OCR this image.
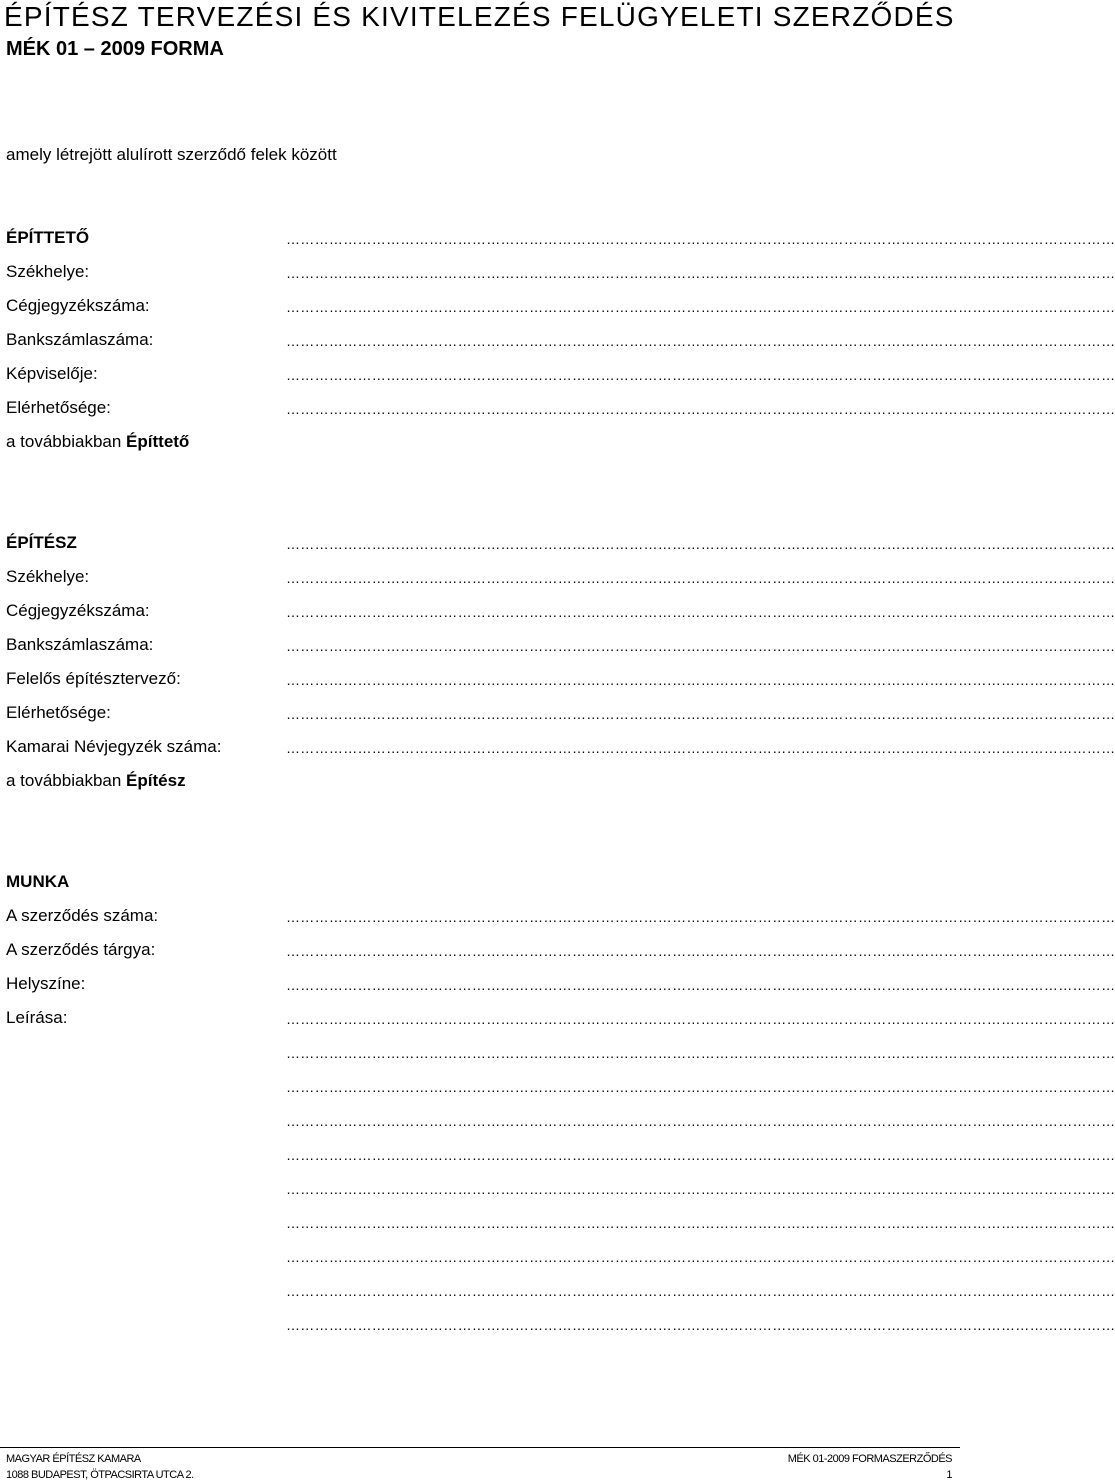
ÉPÍTÉSZ TERVEZÉSI ÉS KIVITELEZÉS FELÜGYELETI SZERZŐDÉS
MÉK 01 – 2009 FORMA
amely létrejött alulírott szerződő felek között
ÉPÍTTETŐ	…………………………………………………………………………………………………………………………………………………………
Székhelye:	…………………………………………………………………………………………………………………………………………………………
Cégjegyzékszáma:	…………………………………………………………………………………………………………………………………………………………
Bankszámlaszáma:	…………………………………………………………………………………………………………………………………………………………
Képviselője:	…………………………………………………………………………………………………………………………………………………………
Elérhetősége:	…………………………………………………………………………………………………………………………………………………………
a továbbiakban Építtető
ÉPÍTÉSZ	…………………………………………………………………………………………………………………………………………………………
Székhelye:	…………………………………………………………………………………………………………………………………………………………
Cégjegyzékszáma:	…………………………………………………………………………………………………………………………………………………………
Bankszámlaszáma:	…………………………………………………………………………………………………………………………………………………………
Felelős építésztervező:	…………………………………………………………………………………………………………………………………………………………
Elérhetősége:	…………………………………………………………………………………………………………………………………………………………
Kamarai Névjegyzék száma:	…………………………………………………………………………………………………………………………………………………………
a továbbiakban Építész
MUNKA
A szerződés száma:	…………………………………………………………………………………………………………………………………………………………
A szerződés tárgya:	…………………………………………………………………………………………………………………………………………………………
Helyszíne:	…………………………………………………………………………………………………………………………………………………………
Leírása:	…………………………………………………………………………………………………………………………………………………………
…………………………………………………………………………………………………………………………………………………………
…………………………………………………………………………………………………………………………………………………………
…………………………………………………………………………………………………………………………………………………………
…………………………………………………………………………………………………………………………………………………………
…………………………………………………………………………………………………………………………………………………………
…………………………………………………………………………………………………………………………………………………………
…………………………………………………………………………………………………………………………………………………………
…………………………………………………………………………………………………………………………………………………………
…………………………………………………………………………………………………………………………………………………………
MAGYAR ÉPÍTÉSZ KAMARA
1088 BUDAPEST, ÖTPACSIRTA UTCA 2.
MÉK 01-2009 FORMASZERZŐDÉS
1
